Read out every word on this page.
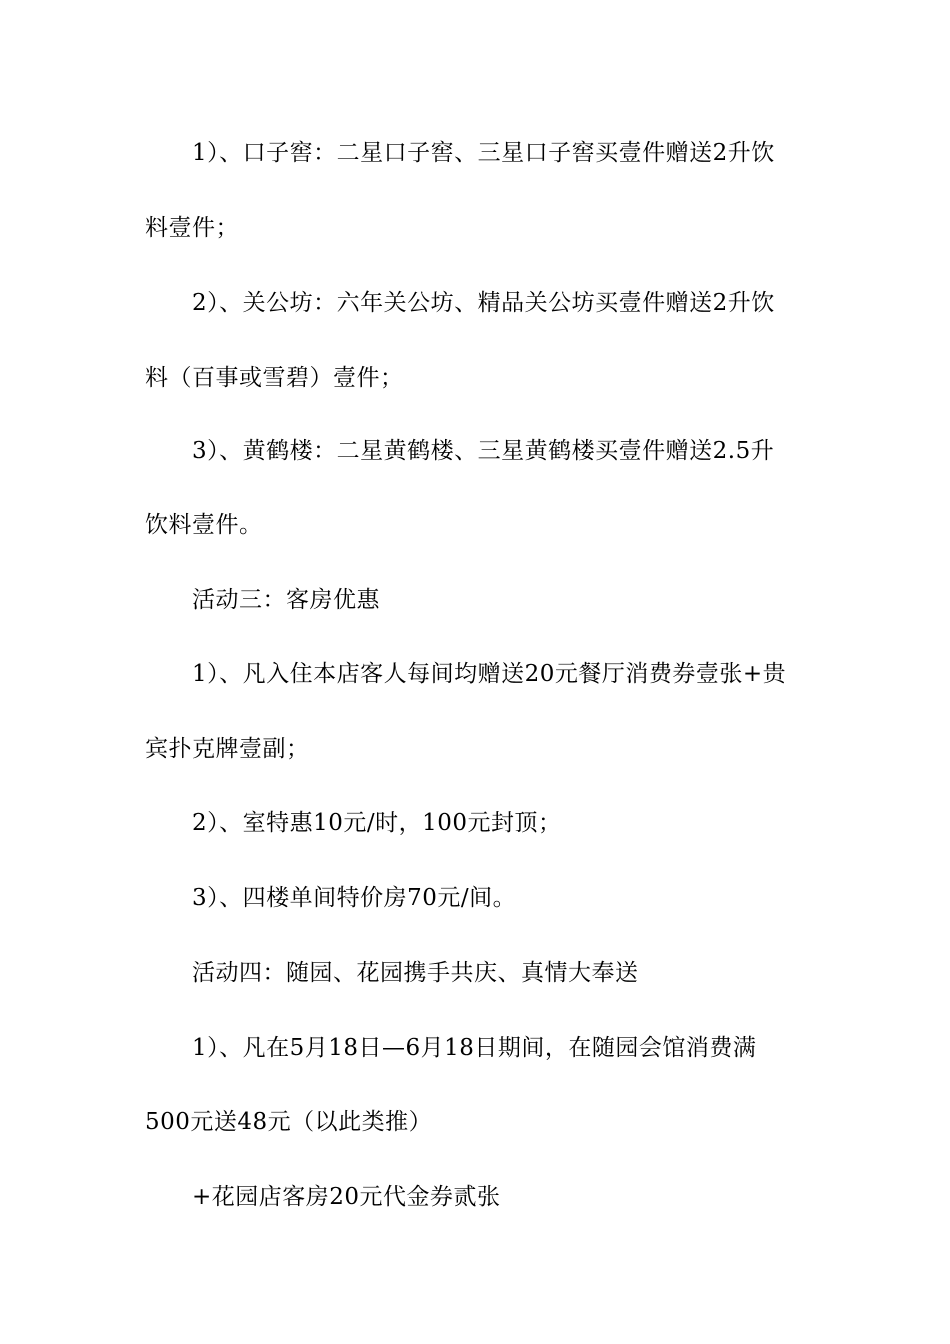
1）、口子窖：二星口子窖、三星口子窖买壹件赠送2升饮
料壹件；
2）、关公坊：六年关公坊、精品关公坊买壹件赠送2升饮
料（百事或雪碧）壹件；
3）、黄鹤楼：二星黄鹤楼、三星黄鹤楼买壹件赠送2.5升
饮料壹件。
活动三：客房优惠
1）、凡入住本店客人每间均赠送20元餐厅消费券壹张+贵
宾扑克牌壹副；
2）、室特惠10元/时，100元封顶；
3）、四楼单间特价房70元/间。
活动四：随园、花园携手共庆、真情大奉送
1）、凡在5月18日—6月18日期间，在随园会馆消费满
500元送48元（以此类推）
+花园店客房20元代金券贰张
